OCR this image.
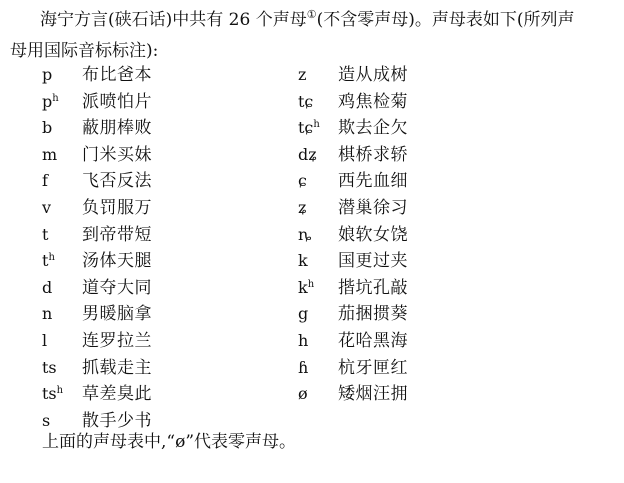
海宁方言(硖石话)中共有 26 个声母①(不含零声母)。声母表如下(所列声
母用国际音标标注):
p	布比爸本
$p^h$	派喷怕片
b	蔽朋棒败
m	门米买妹
f	飞否反法
v	负罚服万
t	到帝带短
$t^h$	汤体天腿
d	道夺大同
n	男暖脑拿
l	连罗拉兰
ts	抓载走主
$ts^h$	草差臭此
s	散手少书
z	造从成树
tɕ	鸡焦检菊
tɕ$^h$	欺去企欠
dʑ	棋桥求轿
ɕ	西先血细
ʑ	潜巢徐习
ȵ	娘软女饶
k	国更过夹
$k^h$	揩坑孔敲
g	茄捆掼葵
h	花哈黑海
ɦ	杭牙匣红
ø	矮烟汪拥
上面的声母表中,“ø”代表零声母。
